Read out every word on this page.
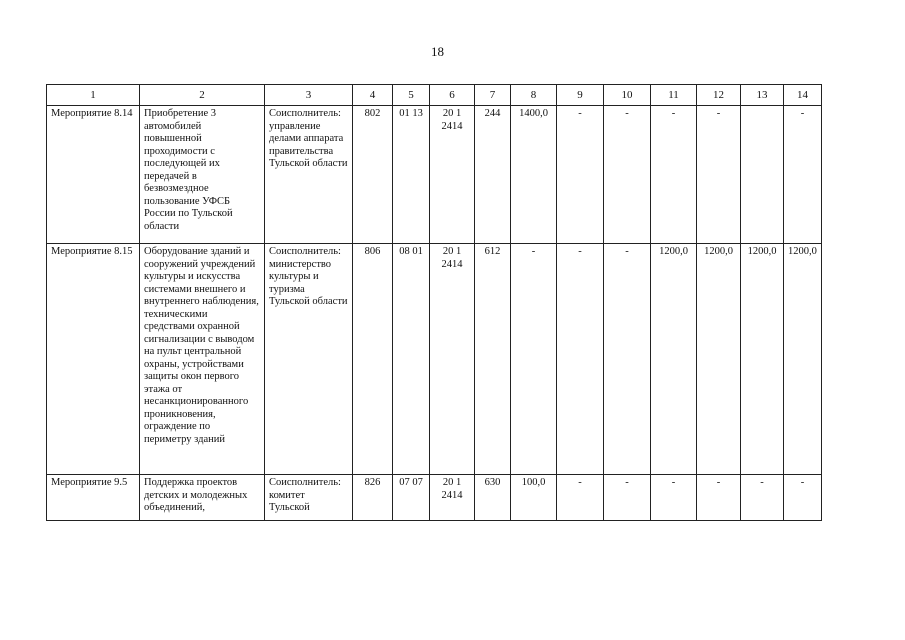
18
1	2	3	4	5	6	7	8	9	10	11	12	13	14
Мероприятие 8.14	Приобретение 3 автомобилей повышенной проходимости с последующей их передачей в безвозмездное пользование УФСБ России по Тульской области	Соисполнитель: управление делами аппарата правительства Тульской области	802	01 13	20 1 2414	244	1400,0	-	-	-	-		-
Мероприятие 8.15	Оборудование зданий и сооружений учреждений культуры и искусства системами внешнего и внутреннего наблюдения, техническими средствами охранной сигнализации с выводом на пульт центральной охраны, устройствами защиты окон первого этажа от несанкционированного проникновения, ограждение по периметру зданий	Соисполнитель: министерство культуры и туризма Тульской области	806	08 01	20 1 2414	612	-	-	-	1200,0	1200,0	1200,0	1200,0
Мероприятие 9.5	Поддержка проектов детских и молодежных объединений,	Соисполнитель: комитет Тульской	826	07 07	20 1 2414	630	100,0	-	-	-	-	-	-
